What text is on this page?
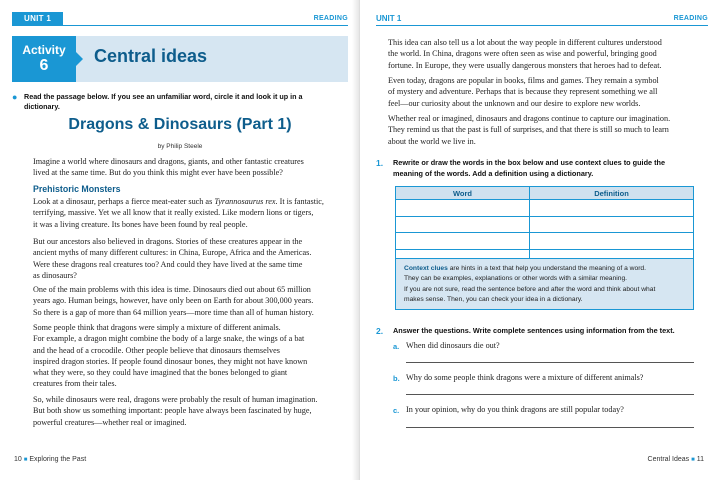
UNIT 1	READING
Activity
6	Central ideas
● Read the passage below. If you see an unfamiliar word, circle it and look it up in a dictionary.
Dragons & Dinosaurs (Part 1)
by Philip Steele
Imagine a world where dinosaurs and dragons, giants, and other fantastic creatures
lived at the same time. But do you think this might ever have been possible?
Prehistoric Monsters
Look at a dinosaur, perhaps a fierce meat-eater such as Tyrannosaurus rex. It is fantastic,
terrifying, massive. Yet we all know that it really existed. Like modern lions or tigers,
it was a living creature. Its bones have been found by real people.
But our ancestors also believed in dragons. Stories of these creatures appear in the
ancient myths of many different cultures: in China, Europe, Africa and the Americas.
Were these dragons real creatures too? And could they have lived at the same time
as dinosaurs?
One of the main problems with this idea is time. Dinosaurs died out about 65 million
years ago. Human beings, however, have only been on Earth for about 300,000 years.
So there is a gap of more than 64 million years—more time than all of human history.
Some people think that dragons were simply a mixture of different animals.
For example, a dragon might combine the body of a large snake, the wings of a bat
and the head of a crocodile. Other people believe that dinosaurs themselves
inspired dragon stories. If people found dinosaur bones, they might not have known
what they were, so they could have imagined that the bones belonged to giant
creatures from their tales.
So, while dinosaurs were real, dragons were probably the result of human imagination.
But both show us something important: people have always been fascinated by huge,
powerful creatures—whether real or imagined.
10 ■ Exploring the Past
UNIT 1	READING
Central Ideas ■ 11
This idea can also tell us a lot about the way people in different cultures understood
the world. In China, dragons were often seen as wise and powerful, bringing good
fortune. In Europe, they were usually dangerous monsters that heroes had to defeat.
Even today, dragons are popular in books, films and games. They remain a symbol
of mystery and adventure. Perhaps that is because they represent something we all
feel—our curiosity about the unknown and our desire to explore new worlds.
Whether real or imagined, dinosaurs and dragons continue to capture our imagination.
They remind us that the past is full of surprises, and that there is still so much to learn
about the world we live in.
1. Rewrite or draw the words in the box below and use context clues to guide the
meaning of the words. Add a definition using a dictionary.
Word	Definition

Context clues are hints in a text that help you understand the meaning of a word.
They can be examples, explanations or other words with a similar meaning.
If you are not sure, read the sentence before and after the word and think about what
makes sense. Then, you can check your idea in a dictionary.
2. Answer the questions. Write complete sentences using information from the text.
a. When did dinosaurs die out?
b. Why do some people think dragons were a mixture of different animals?
c. In your opinion, why do you think dragons are still popular today?
